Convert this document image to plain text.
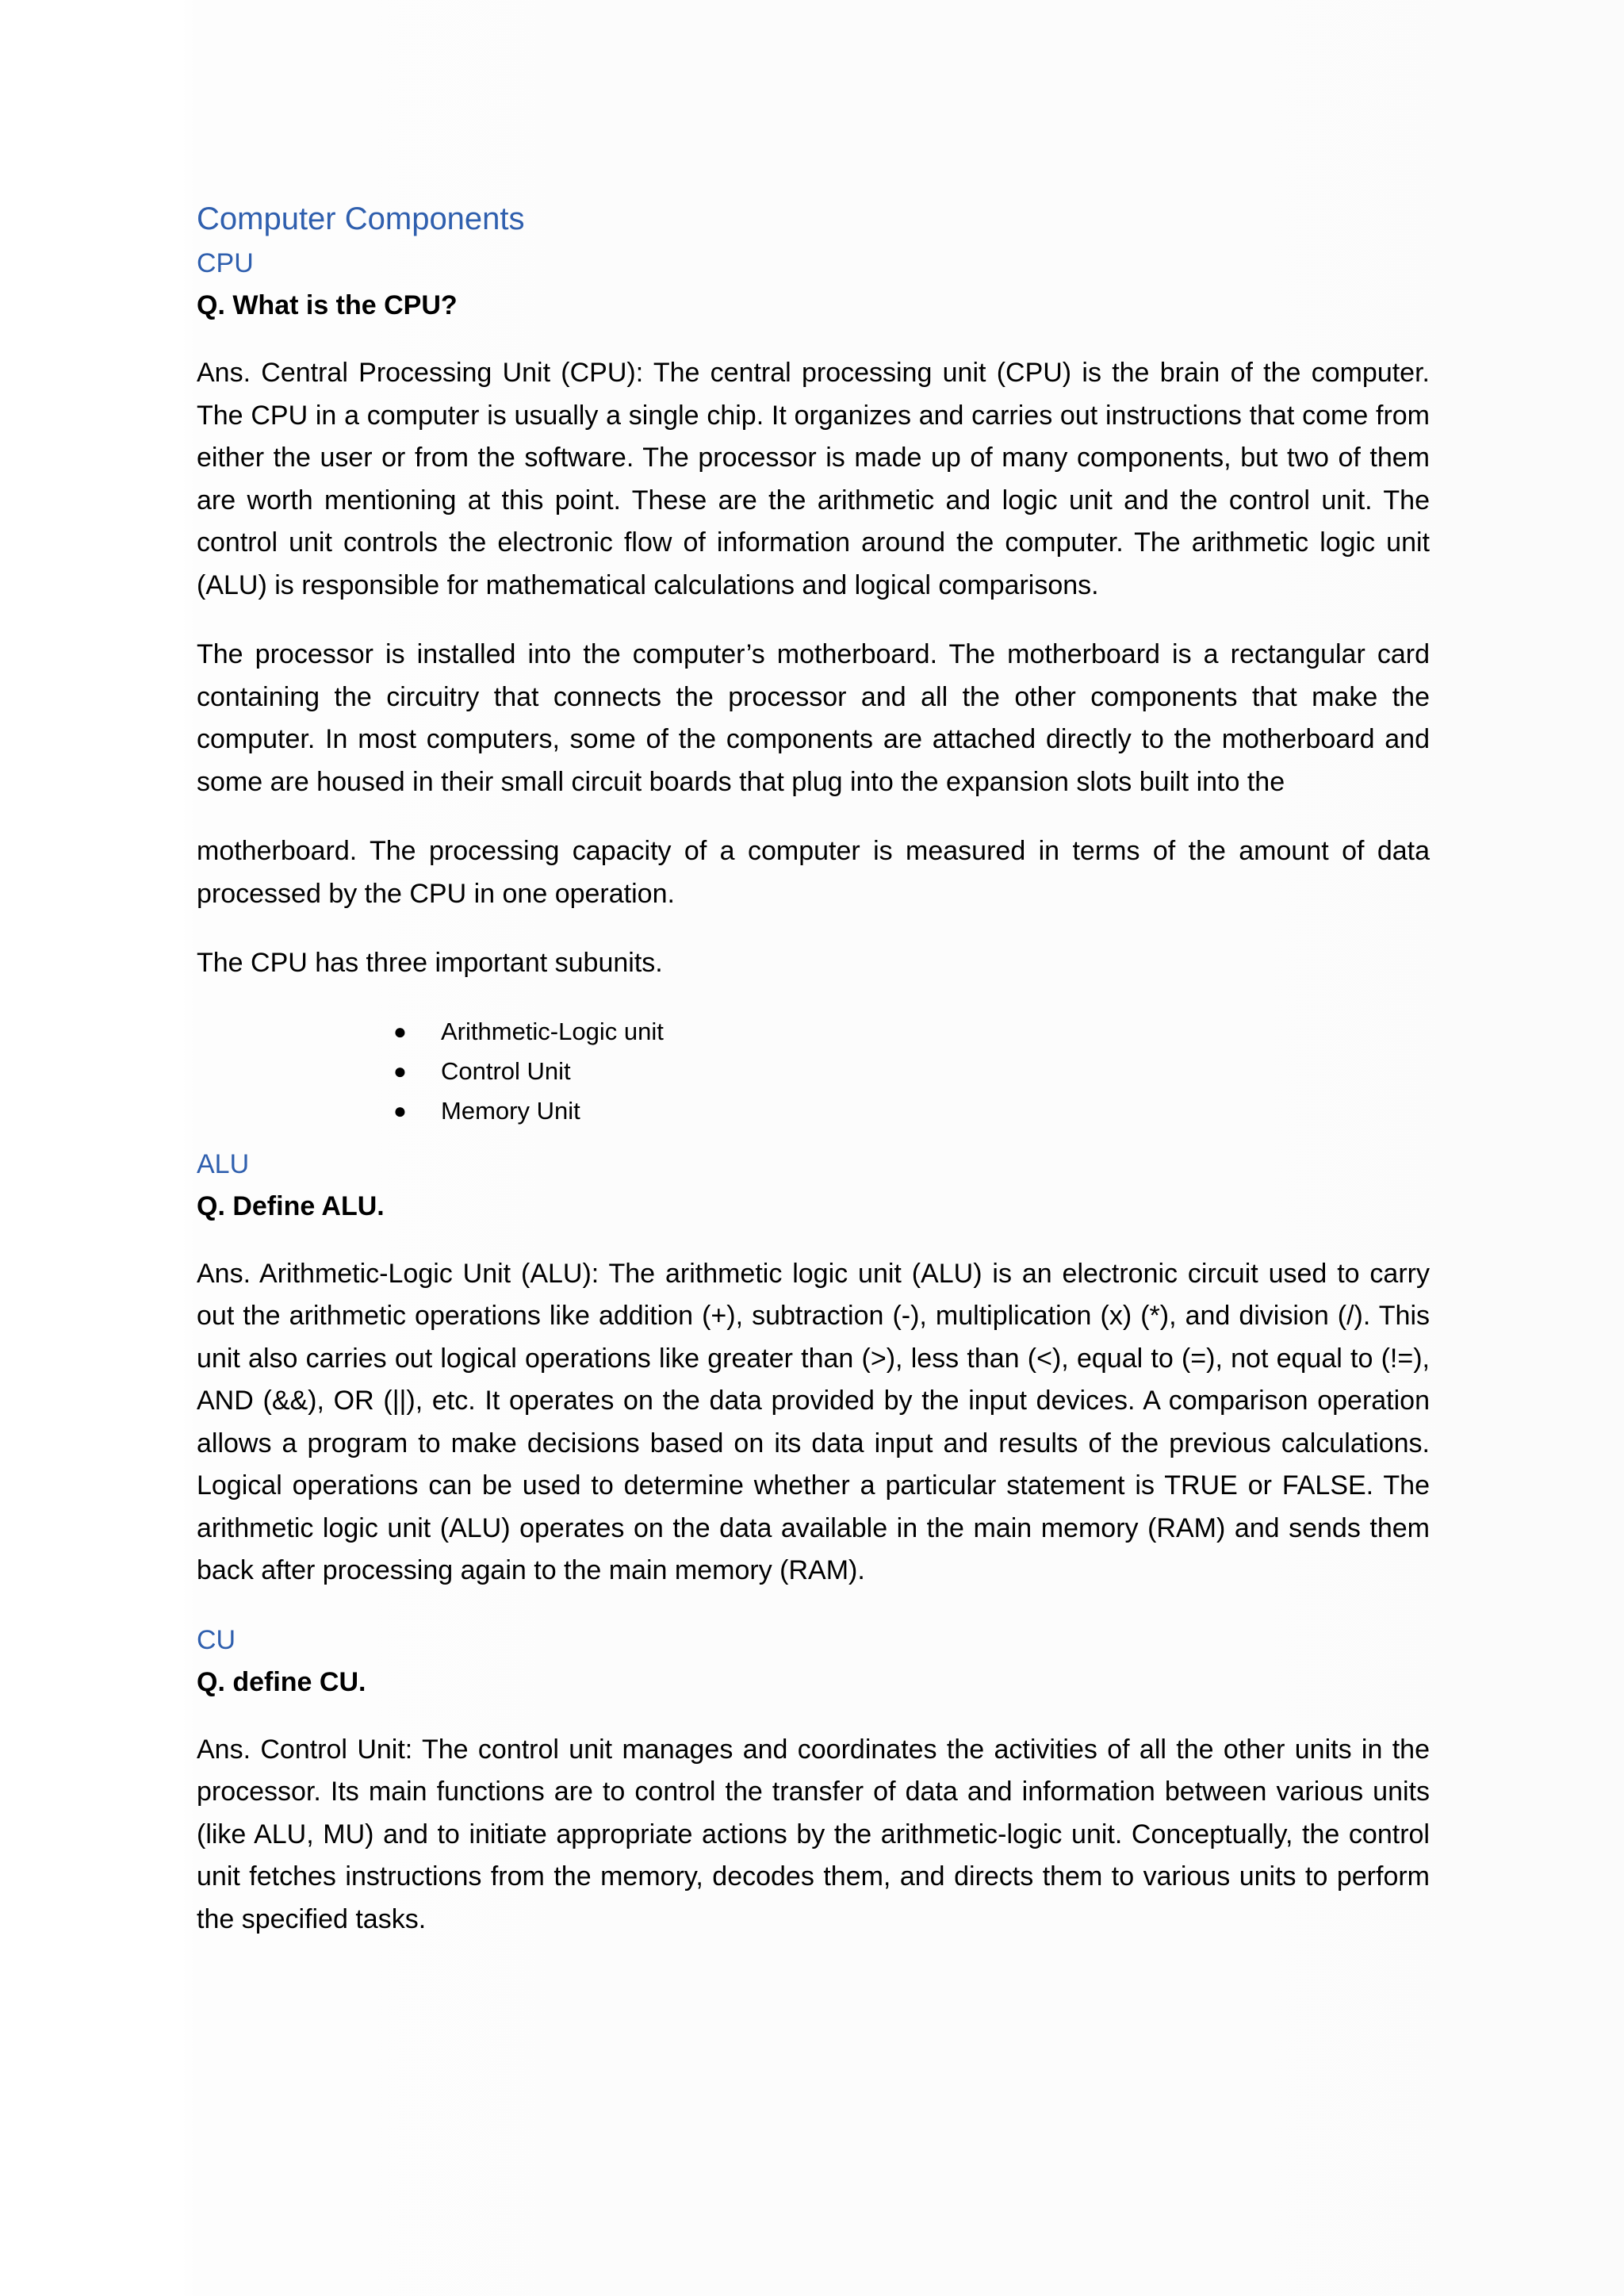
Computer Components
CPU

Q. What is the CPU?

Ans. Central Processing Unit (CPU): The central processing unit (CPU) is the brain of the computer. The CPU in a computer is usually a single chip. It organizes and carries out instructions that come from either the user or from the software. The processor is made up of many components, but two of them are worth mentioning at this point. These are the arithmetic and logic unit and the control unit. The control unit controls the electronic flow of information around the computer. The arithmetic logic unit (ALU) is responsible for mathematical calculations and logical comparisons.

The processor is installed into the computer’s motherboard. The motherboard is a rectangular card containing the circuitry that connects the processor and all the other components that make the computer. In most computers, some of the components are attached directly to the motherboard and some are housed in their small circuit boards that plug into the expansion slots built into the

motherboard. The processing capacity of a computer is measured in terms of the amount of data processed by the CPU in one operation.

The CPU has three important subunits.

● Arithmetic-Logic unit
● Control Unit
● Memory Unit
ALU

Q. Define ALU.

Ans. Arithmetic-Logic Unit (ALU): The arithmetic logic unit (ALU) is an electronic circuit used to carry out the arithmetic operations like addition (+), subtraction (-), multiplication (x) (*), and division (/). This unit also carries out logical operations like greater than (>), less than (<), equal to (=), not equal to (!=), AND (&&), OR (||), etc. It operates on the data provided by the input devices. A comparison operation allows a program to make decisions based on its data input and results of the previous calculations. Logical operations can be used to determine whether a particular statement is TRUE or FALSE. The arithmetic logic unit (ALU) operates on the data available in the main memory (RAM) and sends them back after processing again to the main memory (RAM).

CU

Q. define CU.

Ans. Control Unit: The control unit manages and coordinates the activities of all the other units in the processor. Its main functions are to control the transfer of data and information between various units (like ALU, MU) and to initiate appropriate actions by the arithmetic-logic unit. Conceptually, the control unit fetches instructions from the memory, decodes them, and directs them to various units to perform the specified tasks.
